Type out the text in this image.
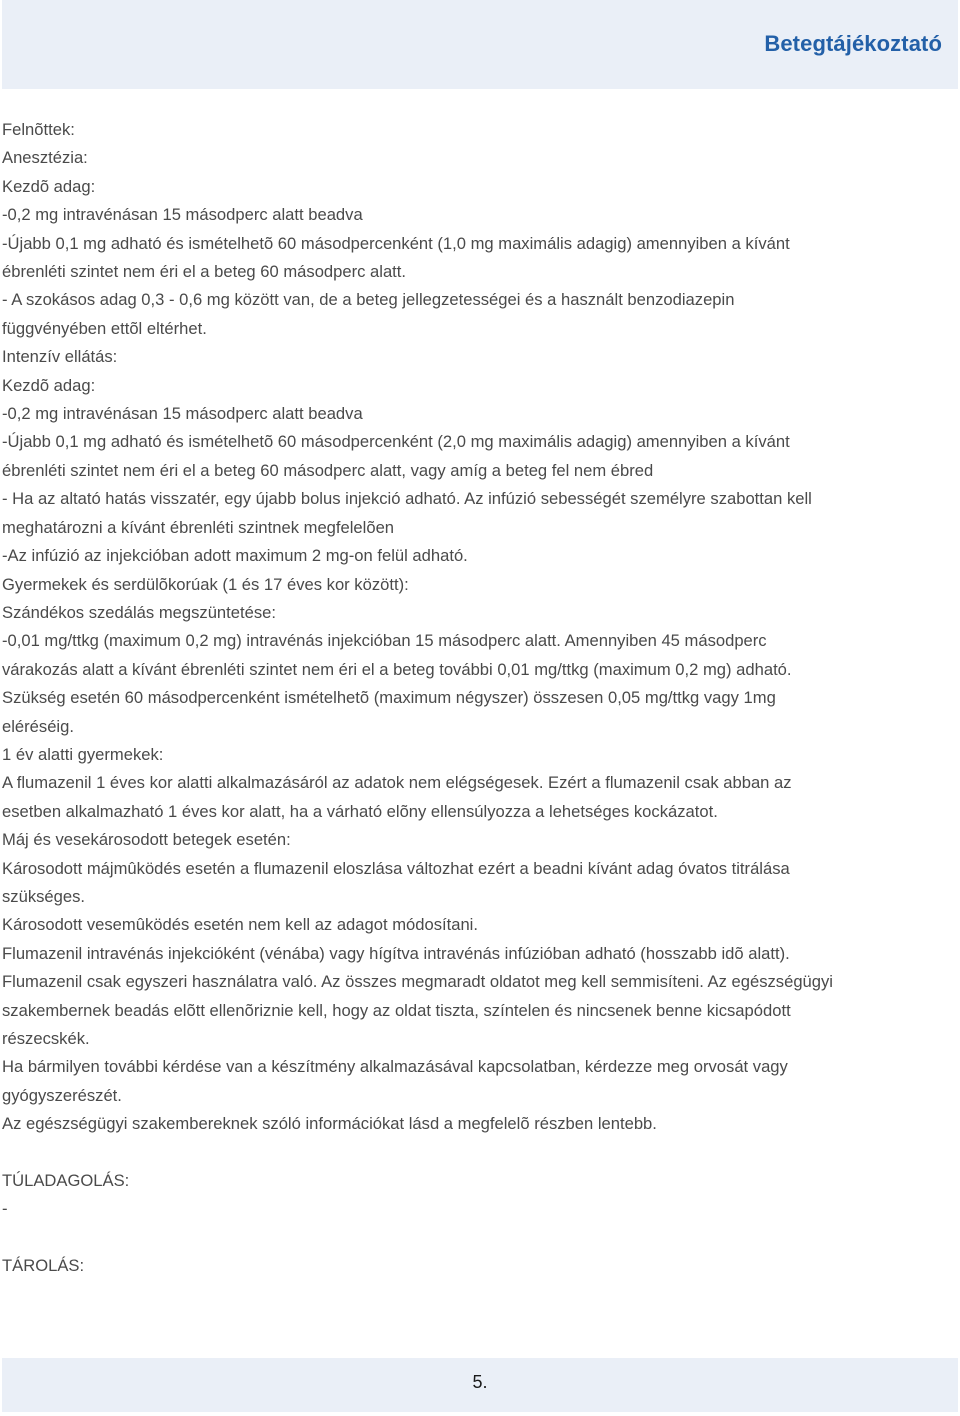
Betegtájékoztató

Felnõttek:

Anesztézia:

Kezdõ adag:

-0,2 mg intravénásan 15 másodperc alatt beadva

-Újabb 0,1 mg adható és ismételhetõ 60 másodpercenként (1,0 mg maximális adagig) amennyiben a kívánt

ébrenléti szintet nem éri el a beteg 60 másodperc alatt.

- A szokásos adag 0,3 - 0,6 mg között van, de a beteg jellegzetességei és a használt benzodiazepin

függvényében ettõl eltérhet.

Intenzív ellátás:

Kezdõ adag:

-0,2 mg intravénásan 15 másodperc alatt beadva

-Újabb 0,1 mg adható és ismételhetõ 60 másodpercenként (2,0 mg maximális adagig) amennyiben a kívánt

ébrenléti szintet nem éri el a beteg 60 másodperc alatt, vagy amíg a beteg fel nem ébred

- Ha az altató hatás visszatér, egy újabb bolus injekció adható. Az infúzió sebességét személyre szabottan kell

meghatározni a kívánt ébrenléti szintnek megfelelõen

-Az infúzió az injekcióban adott maximum 2 mg-on felül adható.

Gyermekek és serdülõkorúak (1 és 17 éves kor között):

Szándékos szedálás megszüntetése:

-0,01 mg/ttkg (maximum 0,2 mg) intravénás injekcióban 15 másodperc alatt. Amennyiben 45 másodperc

várakozás alatt a kívánt ébrenléti szintet nem éri el a beteg további 0,01 mg/ttkg (maximum 0,2 mg) adható.

Szükség esetén 60 másodpercenként ismételhetõ (maximum négyszer) összesen 0,05 mg/ttkg vagy 1mg

eléréséig.

1 év alatti gyermekek:

A flumazenil 1 éves kor alatti alkalmazásáról az adatok nem elégségesek. Ezért a flumazenil csak abban az

esetben alkalmazható 1 éves kor alatt, ha a várható elõny ellensúlyozza a lehetséges kockázatot.

Máj és vesekárosodott betegek esetén:

Károsodott májmûködés esetén a flumazenil eloszlása változhat ezért a beadni kívánt adag óvatos titrálása

szükséges.

Károsodott vesemûködés esetén nem kell az adagot módosítani.

Flumazenil intravénás injekcióként (vénába) vagy hígítva intravénás infúzióban adható (hosszabb idõ alatt).

Flumazenil csak egyszeri használatra való. Az összes megmaradt oldatot meg kell semmisíteni. Az egészségügyi

szakembernek beadás elõtt ellenõriznie kell, hogy az oldat tiszta, színtelen és nincsenek benne kicsapódott

részecskék.

Ha bármilyen további kérdése van a készítmény alkalmazásával kapcsolatban, kérdezze meg orvosát vagy

gyógyszerészét.

Az egészségügyi szakembereknek szóló információkat lásd a megfelelõ részben lentebb.

TÚLADAGOLÁS:

-

TÁROLÁS:

5.
